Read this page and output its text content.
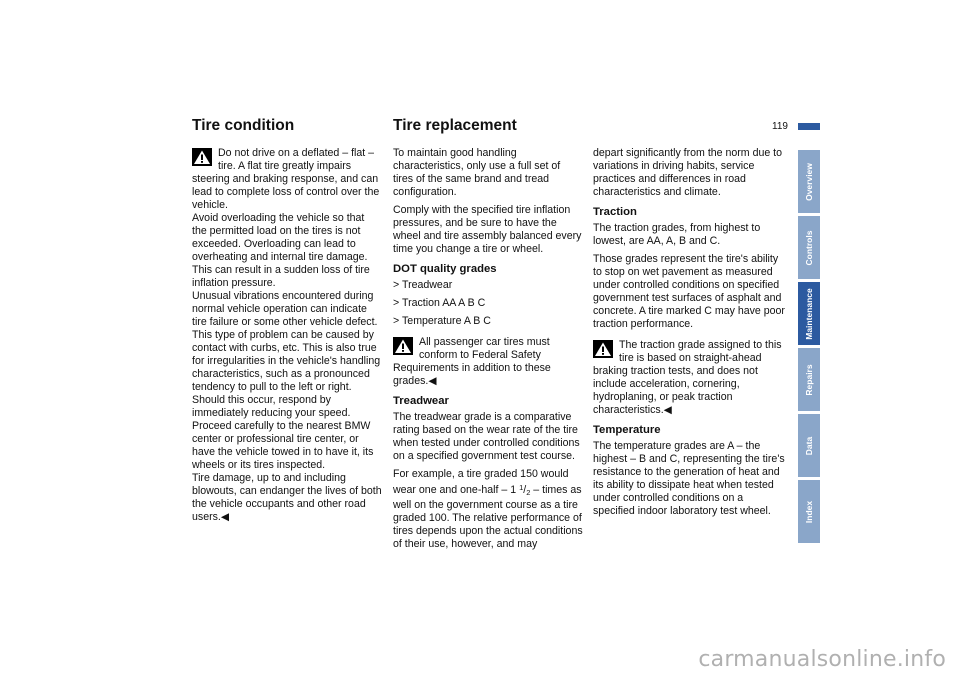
Tire condition	Tire replacement	119
Do not drive on a deflated – flat – tire. A flat tire greatly impairs steering and braking response, and can lead to complete loss of control over the vehicle.

Avoid overloading the vehicle so that the permitted load on the tires is not exceeded. Overloading can lead to overheating and internal tire damage. This can result in a sudden loss of tire inflation pressure.

Unusual vibrations encountered during normal vehicle operation can indicate tire failure or some other vehicle defect. This type of problem can be caused by contact with curbs, etc. This is also true for irregularities in the vehicle's handling characteristics, such as a pronounced tendency to pull to the left or right. Should this occur, respond by immediately reducing your speed. Proceed carefully to the nearest BMW center or professional tire center, or have the vehicle towed in to have it, its wheels or its tires inspected.

Tire damage, up to and including blowouts, can endanger the lives of both the vehicle occupants and other road users.◀

To maintain good handling characteristics, only use a full set of tires of the same brand and tread configuration.

Comply with the specified tire inflation pressures, and be sure to have the wheel and tire assembly balanced every time you change a tire or wheel.

DOT quality grades
> Treadwear
> Traction AA A B C
> Temperature A B C
All passenger car tires must conform to Federal Safety Requirements in addition to these grades.◀
Treadwear

The treadwear grade is a comparative rating based on the wear rate of the tire when tested under controlled conditions on a specified government test course.

For example, a tire graded 150 would wear one and one-half – 1 $^1$/2 – times as well on the government course as a tire graded 100. The relative performance of tires depends upon the actual conditions of their use, however, and may

depart significantly from the norm due to variations in driving habits, service practices and differences in road characteristics and climate.

Traction

The traction grades, from highest to lowest, are AA, A, B and C.

Those grades represent the tire's ability to stop on wet pavement as measured under controlled conditions on specified government test surfaces of asphalt and concrete. A tire marked C may have poor traction performance.

The traction grade assigned to this tire is based on straight-ahead braking traction tests, and does not include acceleration, cornering, hydroplaning, or peak traction characteristics.◀
Temperature

The temperature grades are A – the highest – B and C, representing the tire's resistance to the generation of heat and its ability to dissipate heat when tested under controlled conditions on a specified indoor laboratory test wheel.

Overview
Controls
Maintenance
Repairs
Data
Index
carmanualsonline.info
